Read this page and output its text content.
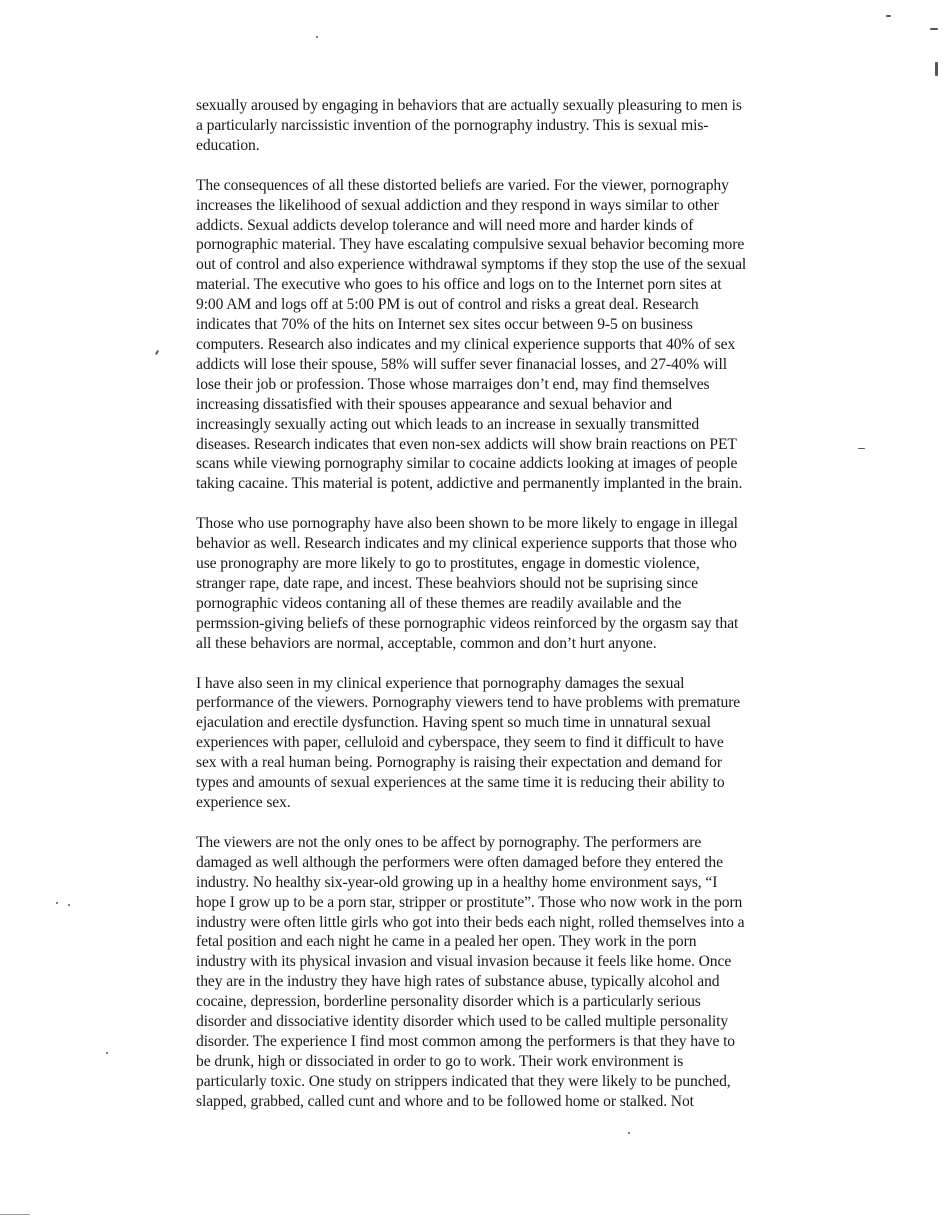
sexually aroused by engaging in behaviors that are actually sexually pleasuring to men is
a particularly narcissistic invention of the pornography industry. This is sexual mis-
education.

The consequences of all these distorted beliefs are varied. For the viewer, pornography
increases the likelihood of sexual addiction and they respond in ways similar to other
addicts. Sexual addicts develop tolerance and will need more and harder kinds of
pornographic material. They have escalating compulsive sexual behavior becoming more
out of control and also experience withdrawal symptoms if they stop the use of the sexual
material. The executive who goes to his office and logs on to the Internet porn sites at
9:00 AM and logs off at 5:00 PM is out of control and risks a great deal. Research
indicates that 70% of the hits on Internet sex sites occur between 9-5 on business
computers. Research also indicates and my clinical experience supports that 40% of sex
addicts will lose their spouse, 58% will suffer sever finanacial losses, and 27-40% will
lose their job or profession. Those whose marraiges don’t end, may find themselves
increasing dissatisfied with their spouses appearance and sexual behavior and
increasingly sexually acting out which leads to an increase in sexually transmitted
diseases. Research indicates that even non-sex addicts will show brain reactions on PET
scans while viewing pornography similar to cocaine addicts looking at images of people
taking cacaine. This material is potent, addictive and permanently implanted in the brain.

Those who use pornography have also been shown to be more likely to engage in illegal
behavior as well. Research indicates and my clinical experience supports that those who
use pronography are more likely to go to prostitutes, engage in domestic violence,
stranger rape, date rape, and incest. These beahviors should not be suprising since
pornographic videos contaning all of these themes are readily available and the
permssion-giving beliefs of these pornographic videos reinforced by the orgasm say that
all these behaviors are normal, acceptable, common and don’t hurt anyone.

I have also seen in my clinical experience that pornography damages the sexual
performance of the viewers. Pornography viewers tend to have problems with premature
ejaculation and erectile dysfunction. Having spent so much time in unnatural sexual
experiences with paper, celluloid and cyberspace, they seem to find it difficult to have
sex with a real human being. Pornography is raising their expectation and demand for
types and amounts of sexual experiences at the same time it is reducing their ability to
experience sex.

The viewers are not the only ones to be affect by pornography. The performers are
damaged as well although the performers were often damaged before they entered the
industry. No healthy six-year-old growing up in a healthy home environment says, “I
hope I grow up to be a porn star, stripper or prostitute”. Those who now work in the porn
industry were often little girls who got into their beds each night, rolled themselves into a
fetal position and each night he came in a pealed her open. They work in the porn
industry with its physical invasion and visual invasion because it feels like home. Once
they are in the industry they have high rates of substance abuse, typically alcohol and
cocaine, depression, borderline personality disorder which is a particularly serious
disorder and dissociative identity disorder which used to be called multiple personality
disorder. The experience I find most common among the performers is that they have to
be drunk, high or dissociated in order to go to work. Their work environment is
particularly toxic. One study on strippers indicated that they were likely to be punched,
slapped, grabbed, called cunt and whore and to be followed home or stalked. Not
